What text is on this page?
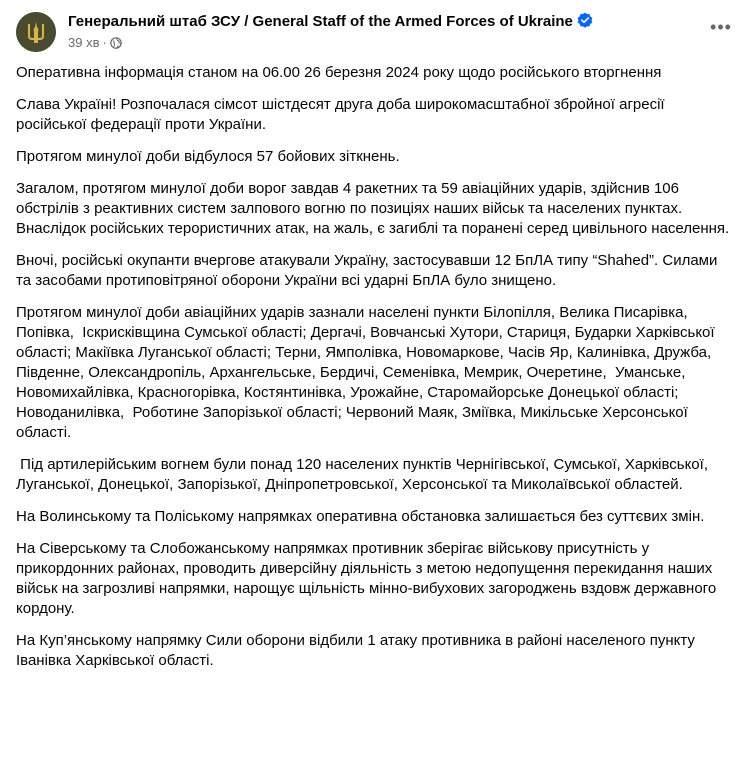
Генеральний штаб ЗСУ / General Staff of the Armed Forces of Ukraine
39 хв ·
•••

Оперативна інформація станом на 06.00 26 березня 2024 року щодо російського вторгнення

Слава Україні! Розпочалася сімсот шістдесят друга доба широкомасштабної збройної агресії російської федерації проти України.

Протягом минулої доби відбулося 57 бойових зіткнень.

Загалом, протягом минулої доби ворог завдав 4 ракетних та 59 авіаційних ударів, здійснив 106 обстрілів з реактивних систем залпового вогню по позиціях наших військ та населених пунктах. Внаслідок російських терористичних атак, на жаль, є загиблі та поранені серед цивільного населення.

Вночі, російські окупанти вчергове атакували Україну, застосувавши 12 БпЛА типу “Shahed”. Силами та засобами протиповітряної оборони України всі ударні БпЛА було знищено.

Протягом минулої доби авіаційних ударів зазнали населені пункти Білопілля, Велика Писарівка, Попівка,  Іскрисківщина Сумської області; Дергачі, Вовчанські Хутори, Стариця, Бударки Харківської області; Макіївка Луганської області; Терни, Ямполівка, Новомаркове, Часів Яр, Калинівка, Дружба, Південне, Олександропіль, Архангельське, Бердичі, Семенівка, Мемрик, Очеретине,  Уманське, Новомихайлівка, Красногорівка, Костянтинівка, Урожайне, Старомайорське Донецької області; Новоданилівка,  Роботине Запорізької області; Червоний Маяк, Зміївка, Микільське Херсонської області.

Під артилерійським вогнем були понад 120 населених пунктів Чернігівської, Сумської, Харківської, Луганської, Донецької, Запорізької, Дніпропетровської, Херсонської та Миколаївської областей.

На Волинському та Поліському напрямках оперативна обстановка залишається без суттєвих змін.

На Сіверському та Слобожанському напрямках противник зберігає військову присутність у прикордонних районах, проводить диверсійну діяльність з метою недопущення перекидання наших військ на загрозливі напрямки, нарощує щільність мінно-вибухових загороджень вздовж державного кордону.

На Куп’янському напрямку Сили оборони відбили 1 атаку противника в районі населеного пункту Іванівка Харківської області.
